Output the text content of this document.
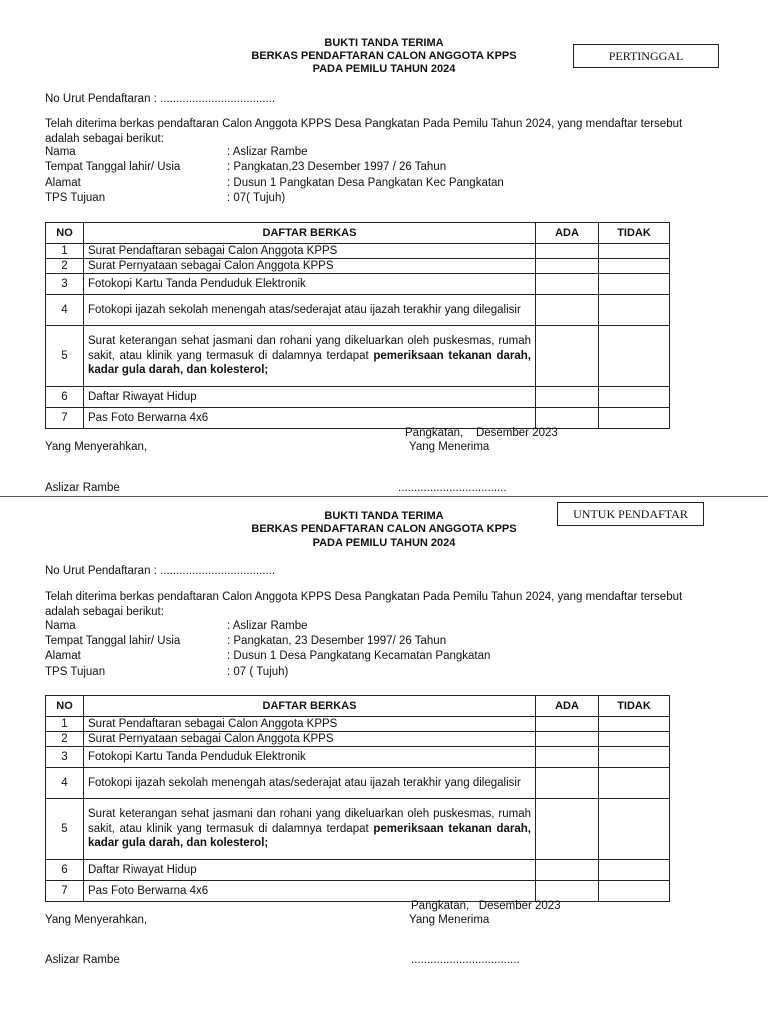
PERTINGGAL
BUKTI TANDA TERIMA
BERKAS PENDAFTARAN CALON ANGGOTA KPPS
PADA PEMILU TAHUN 2024
No Urut Pendaftaran : ....................................
Telah diterima berkas pendaftaran Calon Anggota KPPS Desa Pangkatan Pada Pemilu Tahun 2024, yang mendaftar tersebut adalah sebagai berikut:
Nama	: Aslizar Rambe
Tempat Tanggal lahir/ Usia	: Pangkatan,23 Desember 1997 / 26 Tahun
Alamat	: Dusun 1 Pangkatan Desa Pangkatan Kec Pangkatan
TPS Tujuan	: 07( Tujuh)
NO	DAFTAR BERKAS	ADA	TIDAK
1	Surat Pendaftaran sebagai Calon Anggota KPPS		
2	Surat Pernyataan sebagai Calon Anggota KPPS		
3	Fotokopi Kartu Tanda Penduduk Elektronik		
4	Fotokopi ijazah sekolah menengah atas/sederajat atau ijazah terakhir yang dilegalisir		
5	Surat keterangan sehat jasmani dan rohani yang dikeluarkan oleh puskesmas, rumah sakit, atau klinik yang termasuk di dalamnya terdapat pemeriksaan tekanan darah, kadar gula darah, dan kolesterol;		
6	Daftar Riwayat Hidup		
7	Pas Foto Berwarna 4x6		
Pangkatan,    Desember 2023
Yang Menyerahkan,	Yang Menerima
Aslizar Rambe	..................................
UNTUK PENDAFTAR
BUKTI TANDA TERIMA
BERKAS PENDAFTARAN CALON ANGGOTA KPPS
PADA PEMILU TAHUN 2024
No Urut Pendaftaran : ....................................
Telah diterima berkas pendaftaran Calon Anggota KPPS Desa Pangkatan Pada Pemilu Tahun 2024, yang mendaftar tersebut adalah sebagai berikut:
Nama	: Aslizar Rambe
Tempat Tanggal lahir/ Usia	: Pangkatan, 23 Desember 1997/ 26 Tahun
Alamat	: Dusun 1 Desa Pangkatang Kecamatan Pangkatan
TPS Tujuan	: 07 ( Tujuh)
NO	DAFTAR BERKAS	ADA	TIDAK
1	Surat Pendaftaran sebagai Calon Anggota KPPS		
2	Surat Pernyataan sebagai Calon Anggota KPPS		
3	Fotokopi Kartu Tanda Penduduk Elektronik		
4	Fotokopi ijazah sekolah menengah atas/sederajat atau ijazah terakhir yang dilegalisir		
5	Surat keterangan sehat jasmani dan rohani yang dikeluarkan oleh puskesmas, rumah sakit, atau klinik yang termasuk di dalamnya terdapat pemeriksaan tekanan darah, kadar gula darah, dan kolesterol;		
6	Daftar Riwayat Hidup		
7	Pas Foto Berwarna 4x6		
Pangkatan,   Desember 2023
Yang Menyerahkan,	Yang Menerima
Aslizar Rambe	..................................
